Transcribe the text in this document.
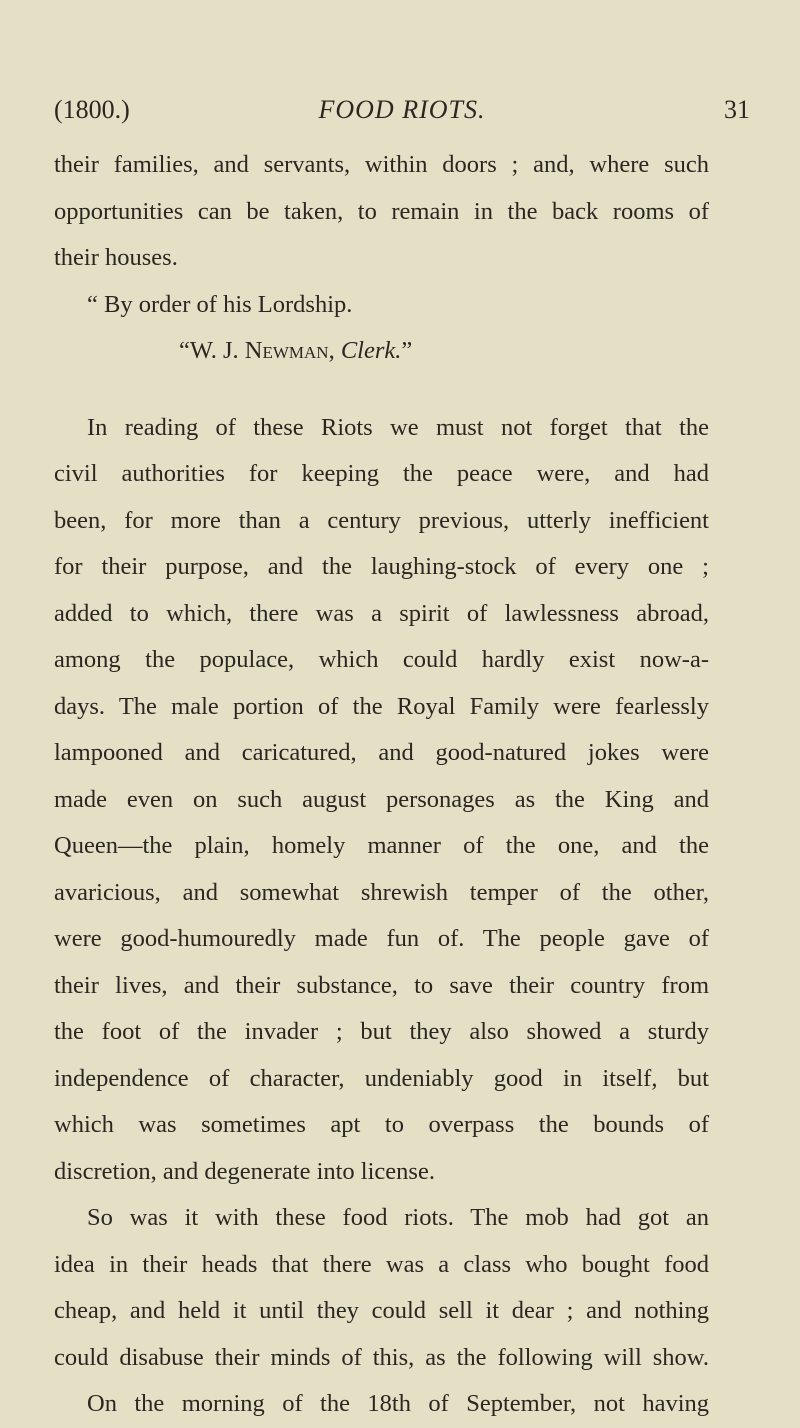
(1800.)	FOOD RIOTS.	31
their families, and servants, within doors ; and, where such
opportunities can be taken, to remain in the back rooms of
their houses.
“ By order of his Lordship.
“W. J. Newman, Clerk.”
In reading of these Riots we must not forget that the
civil authorities for keeping the peace were, and had
been, for more than a century previous, utterly inefficient
for their purpose, and the laughing-stock of every one ;
added to which, there was a spirit of lawlessness abroad,
among the populace, which could hardly exist now-a-
days. The male portion of the Royal Family were fearlessly
lampooned and caricatured, and good-natured jokes were
made even on such august personages as the King and
Queen—the plain, homely manner of the one, and the
avaricious, and somewhat shrewish temper of the other,
were good-humouredly made fun of. The people gave of
their lives, and their substance, to save their country from
the foot of the invader ; but they also showed a sturdy
independence of character, undeniably good in itself, but
which was sometimes apt to overpass the bounds of
discretion, and degenerate into license.
So was it with these food riots. The mob had got an
idea in their heads that there was a class who bought food
cheap, and held it until they could sell it dear ; and nothing
could disabuse their minds of this, as the following will show.
On the morning of the 18th of September, not having
